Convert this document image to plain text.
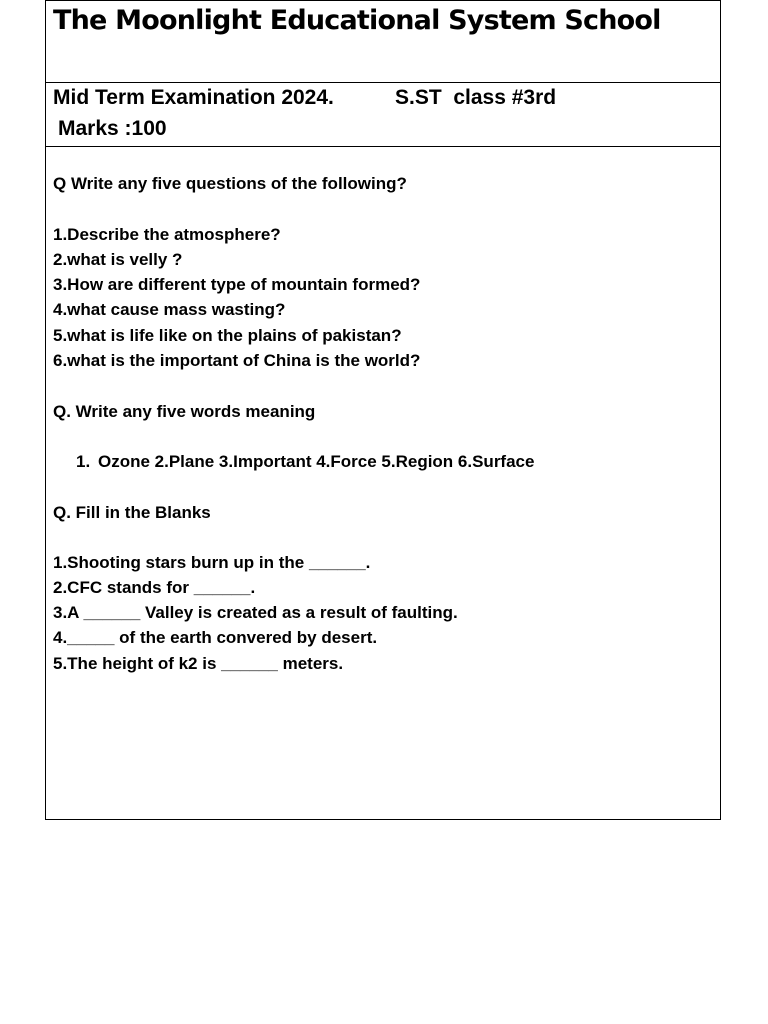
The Moonlight Educational System School
Mid Term Examination 2024.	S.ST  class #3rd
Marks :100
Q Write any five questions of the following?
1.Describe the atmosphere?
2.what is velly ?
3.How are different type of mountain formed?
4.what cause mass wasting?
5.what is life like on the plains of pakistan?
6.what is the important of China is the world?
Q. Write any five words meaning
1. Ozone 2.Plane 3.Important 4.Force 5.Region 6.Surface
Q. Fill in the Blanks
1.Shooting stars burn up in the ______.
2.CFC stands for ______.
3.A ______ Valley is created as a result of faulting.
4._____ of the earth convered by desert.
5.The height of k2 is ______ meters.
